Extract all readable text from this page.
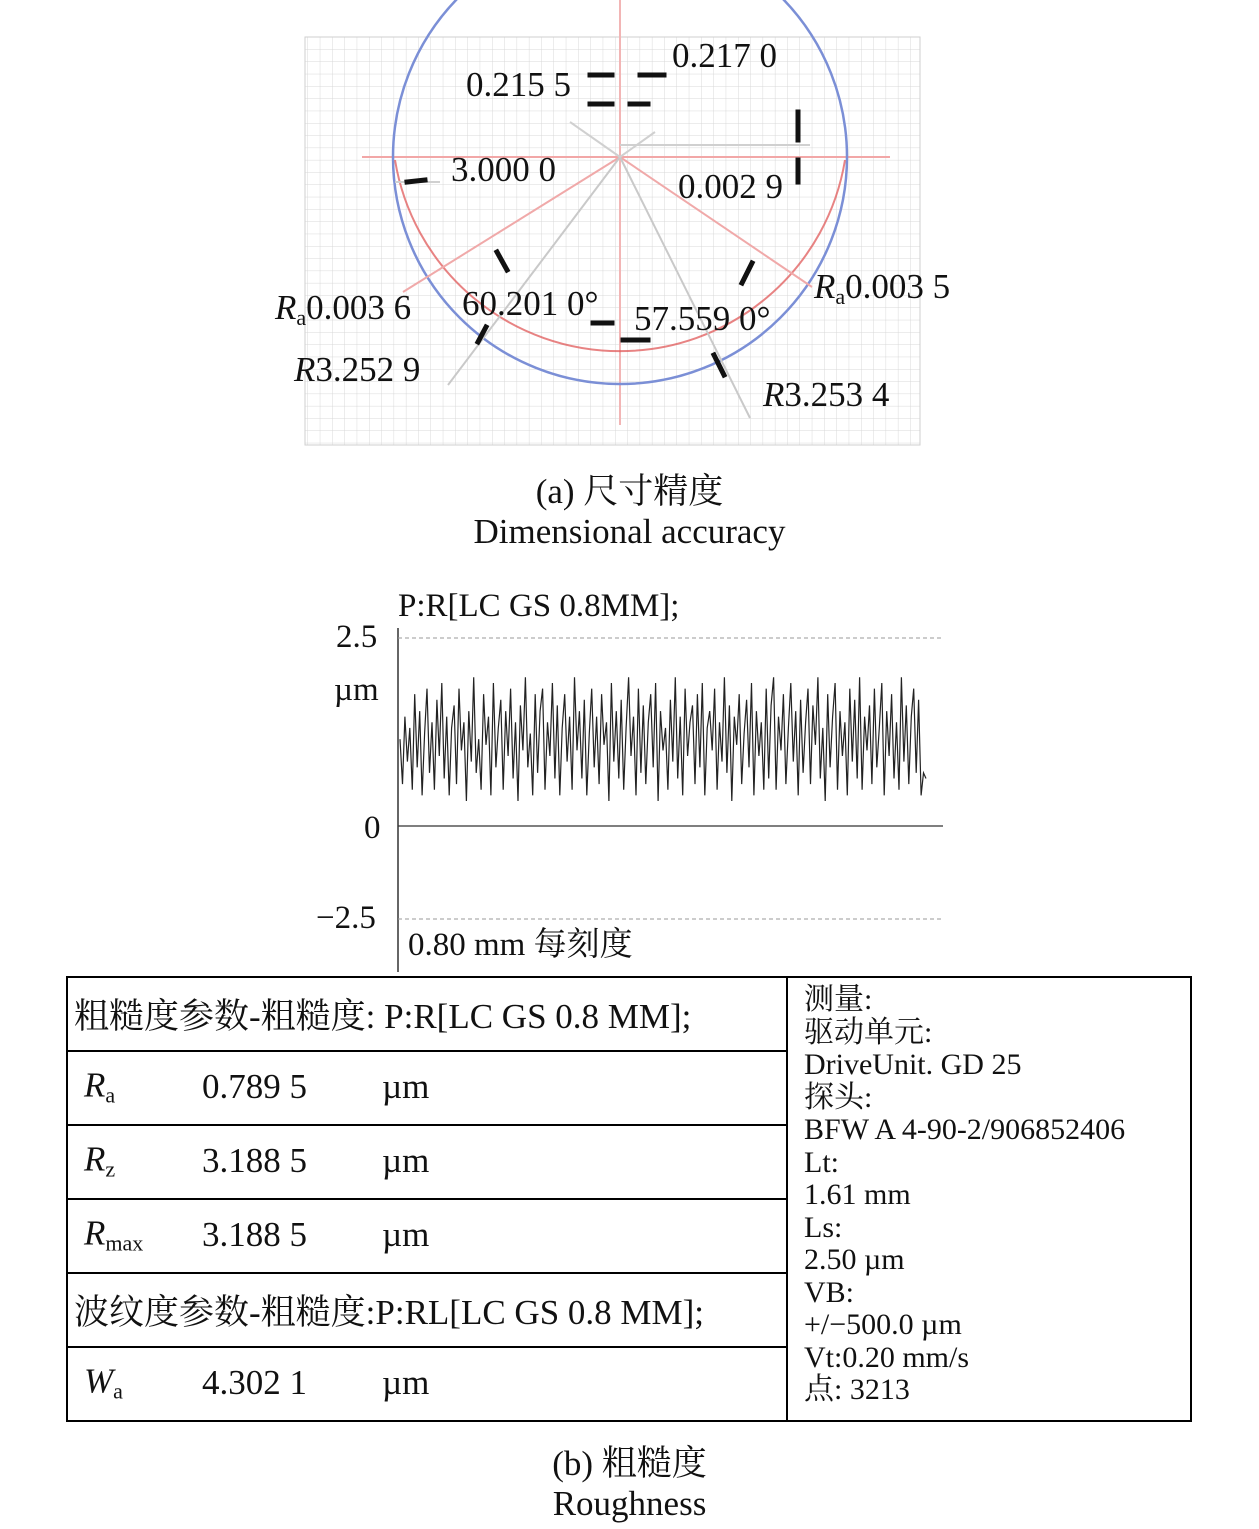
0.217 0
0.215 5
3.000 0	0.002 9
$R_a0.003$ 5
$R_a0.003$ 6 60.201 0° 57.559 0°
R3.252 9
R3.253 4
(a) 尺寸精度
Dimensional accuracy
P:R[LC GS 0.8MM];
2.5
µm
0
−2.5
0.80 mm 每刻度
粗糙度参数-粗糙度: P:R[LC GS 0.8 MM];	测量:
驱动单元:
DriveUnit. GD 25
探头:
BFW A 4-90-2/906852406
Lt:
1.61 mm
Ls:
2.50 µm
VB:
+/−500.0 µm
Vt:0.20 mm/s
点: 3213

$R_a$ 0.789 5 µm

$R_z$ 3.188 5 µm

$R_{max}$ 3.188 5 µm

波纹度参数-粗糙度:P:RL[LC GS 0.8 MM];

$W_a$ 4.302 1 µm
(b) 粗糙度
Roughness
